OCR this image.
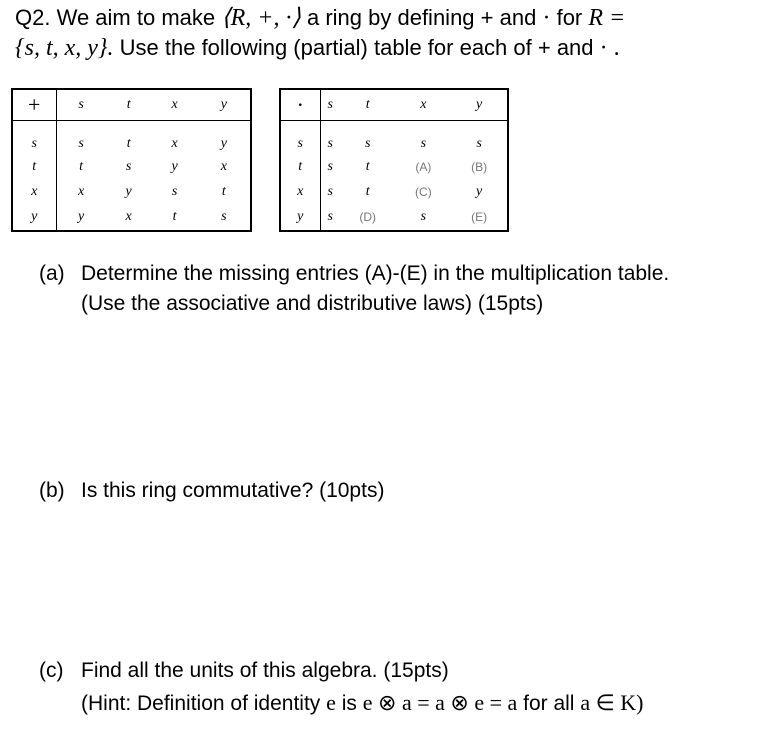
Q2. We aim to make ⟨R, +, ·⟩ a ring by defining + and · for R =
{s, t, x, y}. Use the following (partial) table for each of + and · .
+	s	t	x	y
s	s	t	x	y
t	t	s	y	x
x	x	y	s	t
y	y	x	t	s
·	s	t	x	y
s	s	s	s	s
t	s	t	(A)	(B)
x	s	t	(C)	y
y	s	(D)	s	(E)
(a) Determine the missing entries (A)-(E) in the multiplication table.
(Use the associative and distributive laws) (15pts)
(b) Is this ring commutative? (10pts)
(c) Find all the units of this algebra. (15pts)
(Hint: Definition of identity e is e ⊗ a = a ⊗ e = a for all a ∈ K)
